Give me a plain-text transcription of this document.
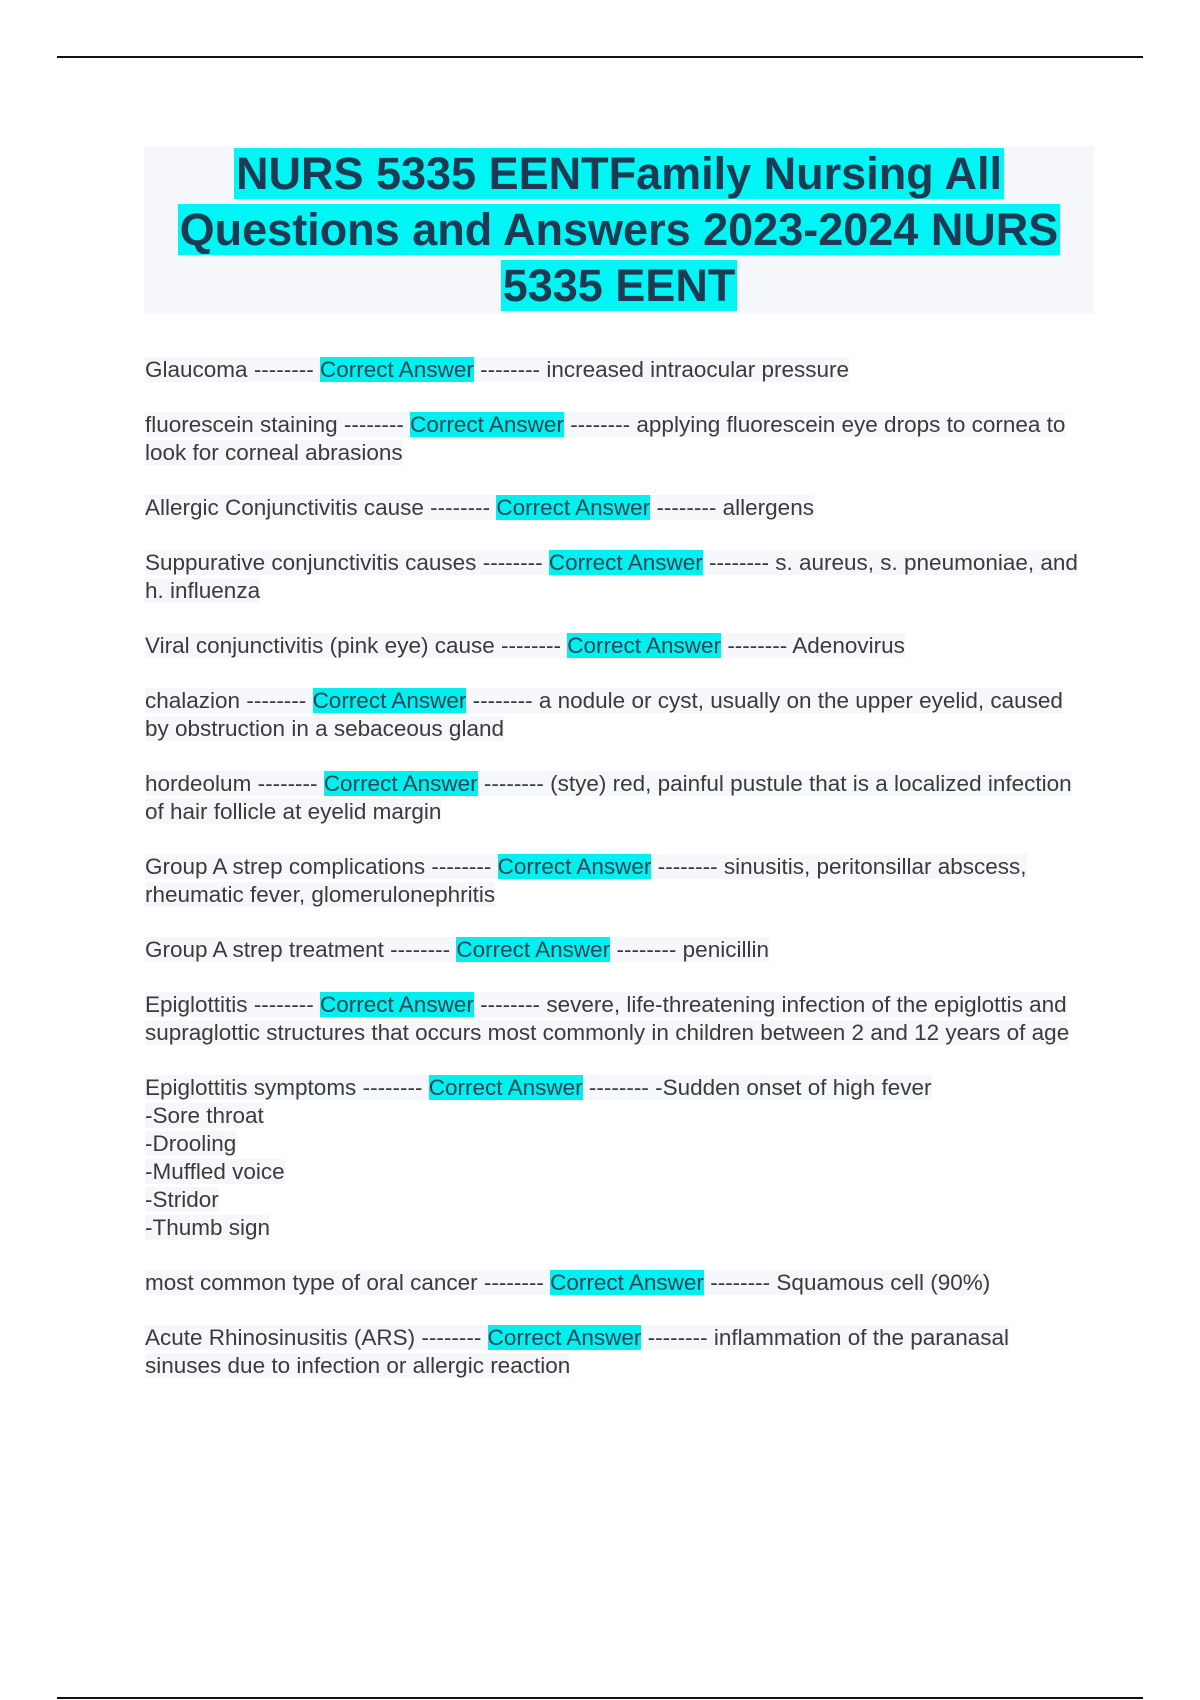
NURS 5335 EENTFamily Nursing All Questions and Answers 2023-2024 NURS 5335 EENT

Glaucoma -------- Correct Answer -------- increased intraocular pressure

fluorescein staining -------- Correct Answer -------- applying fluorescein eye drops to cornea to look for corneal abrasions

Allergic Conjunctivitis cause -------- Correct Answer -------- allergens

Suppurative conjunctivitis causes -------- Correct Answer -------- s. aureus, s. pneumoniae, and h. influenza

Viral conjunctivitis (pink eye) cause -------- Correct Answer -------- Adenovirus

chalazion -------- Correct Answer -------- a nodule or cyst, usually on the upper eyelid, caused by obstruction in a sebaceous gland

hordeolum -------- Correct Answer -------- (stye) red, painful pustule that is a localized infection of hair follicle at eyelid margin

Group A strep complications -------- Correct Answer -------- sinusitis, peritonsillar abscess, rheumatic fever, glomerulonephritis

Group A strep treatment -------- Correct Answer -------- penicillin

Epiglottitis -------- Correct Answer -------- severe, life-threatening infection of the epiglottis and supraglottic structures that occurs most commonly in children between 2 and 12 years of age

Epiglottitis symptoms -------- Correct Answer -------- -Sudden onset of high fever
-Sore throat
-Drooling
-Muffled voice
-Stridor
-Thumb sign

most common type of oral cancer -------- Correct Answer -------- Squamous cell (90%)

Acute Rhinosinusitis (ARS) -------- Correct Answer -------- inflammation of the paranasal sinuses due to infection or allergic reaction
